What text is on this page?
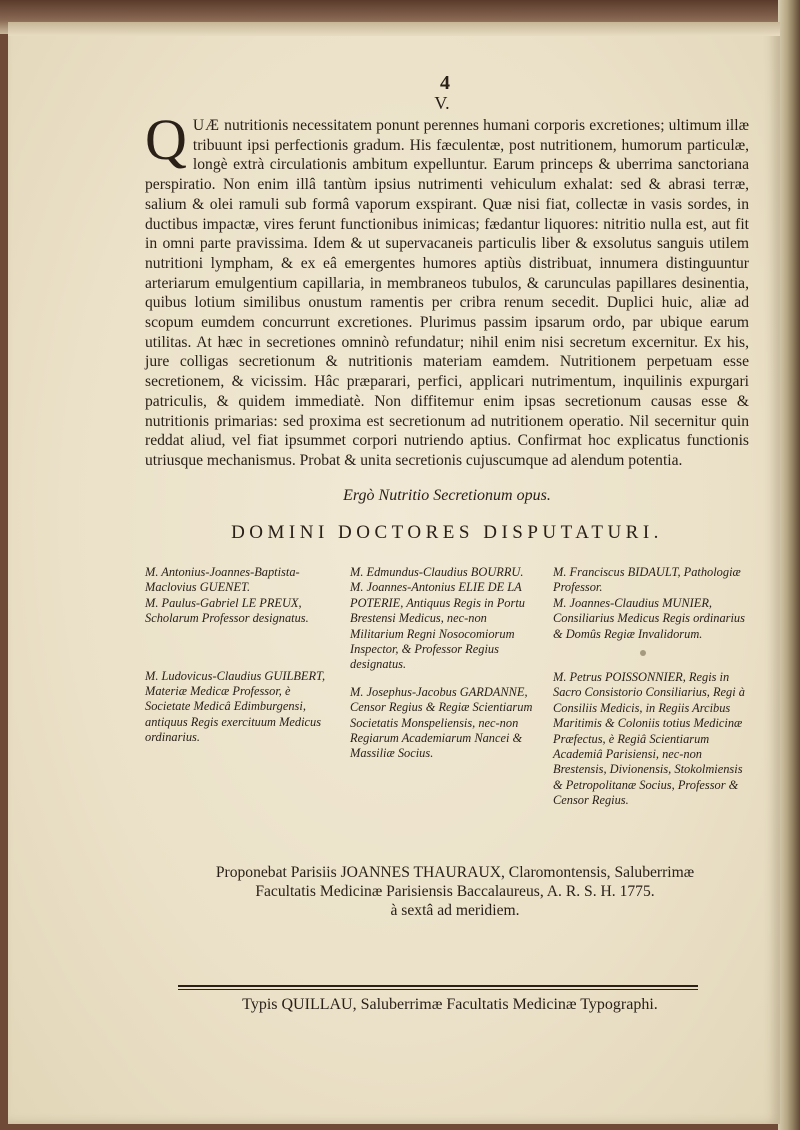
4
V.
Q UÆ nutritionis necessitatem ponunt perennes humani corporis excretiones; ultimum illæ tribuunt ipsi perfectionis gradum. His fæculentæ, post nutritionem, humorum particulæ, longè extrà circulationis ambitum expelluntur. Earum princeps & uberrima sanctoriana perspiratio. Non enim illâ tantùm ipsius nutrimenti vehiculum exhalat: sed & abrasi terræ, salium & olei ramuli sub formâ vaporum exspirant. Quæ nisi fiat, collectæ in vasis sordes, in ductibus impactæ, vires ferunt functionibus inimicas; fædantur liquores: nitritio nulla est, aut fit in omni parte pravissima. Idem & ut supervacaneis particulis liber & exsolutus sanguis utilem nutritioni lympham, & ex eâ emergentes humores aptiùs distribuat, innumera distinguuntur arteriarum emulgentium capillaria, in membraneos tubulos, & carunculas papillares desinentia, quibus lotium similibus onustum ramentis per cribra renum secedit. Duplici huic, aliæ ad scopum eumdem concurrunt excretiones. Plurimus passim ipsarum ordo, par ubique earum utilitas. At hæc in secretiones omninò refundatur; nihil enim nisi secretum excernitur. Ex his, jure colligas secretionum & nutritionis materiam eamdem. Nutritionem perpetuam esse secretionem, & vicissim. Hâc præparari, perfici, applicari nutrimentum, inquilinis expurgari patriculis, & quidem immediatè. Non diffitemur enim ipsas secretionum causas esse & nutritionis primarias: sed proxima est secretionum ad nutritionem operatio. Nil secernitur quin reddat aliud, vel fiat ipsummet corpori nutriendo aptius. Confirmat hoc explicatus functionis utriusque mechanismus. Probat & unita secretionis cujuscumque ad alendum potentia.
Ergò Nutritio Secretionum opus.
DOMINI DOCTORES DISPUTATURI.
M. Antonius-Joannes-Baptista-Maclovius GUENET.
M. Paulus-Gabriel LE PREUX, Scholarum Professor designatus.
M. Ludovicus-Claudius GUILBERT, Materiæ Medicæ Professor, è Societate Medicâ Edimburgensi, antiquus Regis exercituum Medicus ordinarius.
M. Edmundus-Claudius BOURRU.
M. Joannes-Antonius ELIE DE LA POTERIE, Antiquus Regis in Portu Brestensi Medicus, nec-non Militarium Regni Nosocomiorum Inspector, & Professor Regius designatus.
M. Josephus-Jacobus GARDANNE, Censor Regius & Regiæ Scientiarum Societatis Monspeliensis, nec-non Regiarum Academiarum Nancei & Massiliæ Socius.
M. Franciscus BIDAULT, Pathologiæ Professor.
M. Joannes-Claudius MUNIER, Consiliarius Medicus Regis ordinarius & Domûs Regiæ Invalidorum.
M. Petrus POISSONNIER, Regis in Sacro Consistorio Consiliarius, Regi à Consiliis Medicis, in Regiis Arcibus Maritimis & Coloniis totius Medicinæ Præfectus, è Regiâ Scientiarum Academiâ Parisiensi, nec-non Brestensis, Divionensis, Stokolmiensis & Petropolitanæ Socius, Professor & Censor Regius.
Proponebat Parisiis JOANNES THAURAUX, Claromontensis, Saluberrimæ
Facultatis Medicinæ Parisiensis Baccalaureus, A. R. S. H. 1775.
à sextâ ad meridiem.
Typis QUILLAU, Saluberrimæ Facultatis Medicinæ Typographi.
